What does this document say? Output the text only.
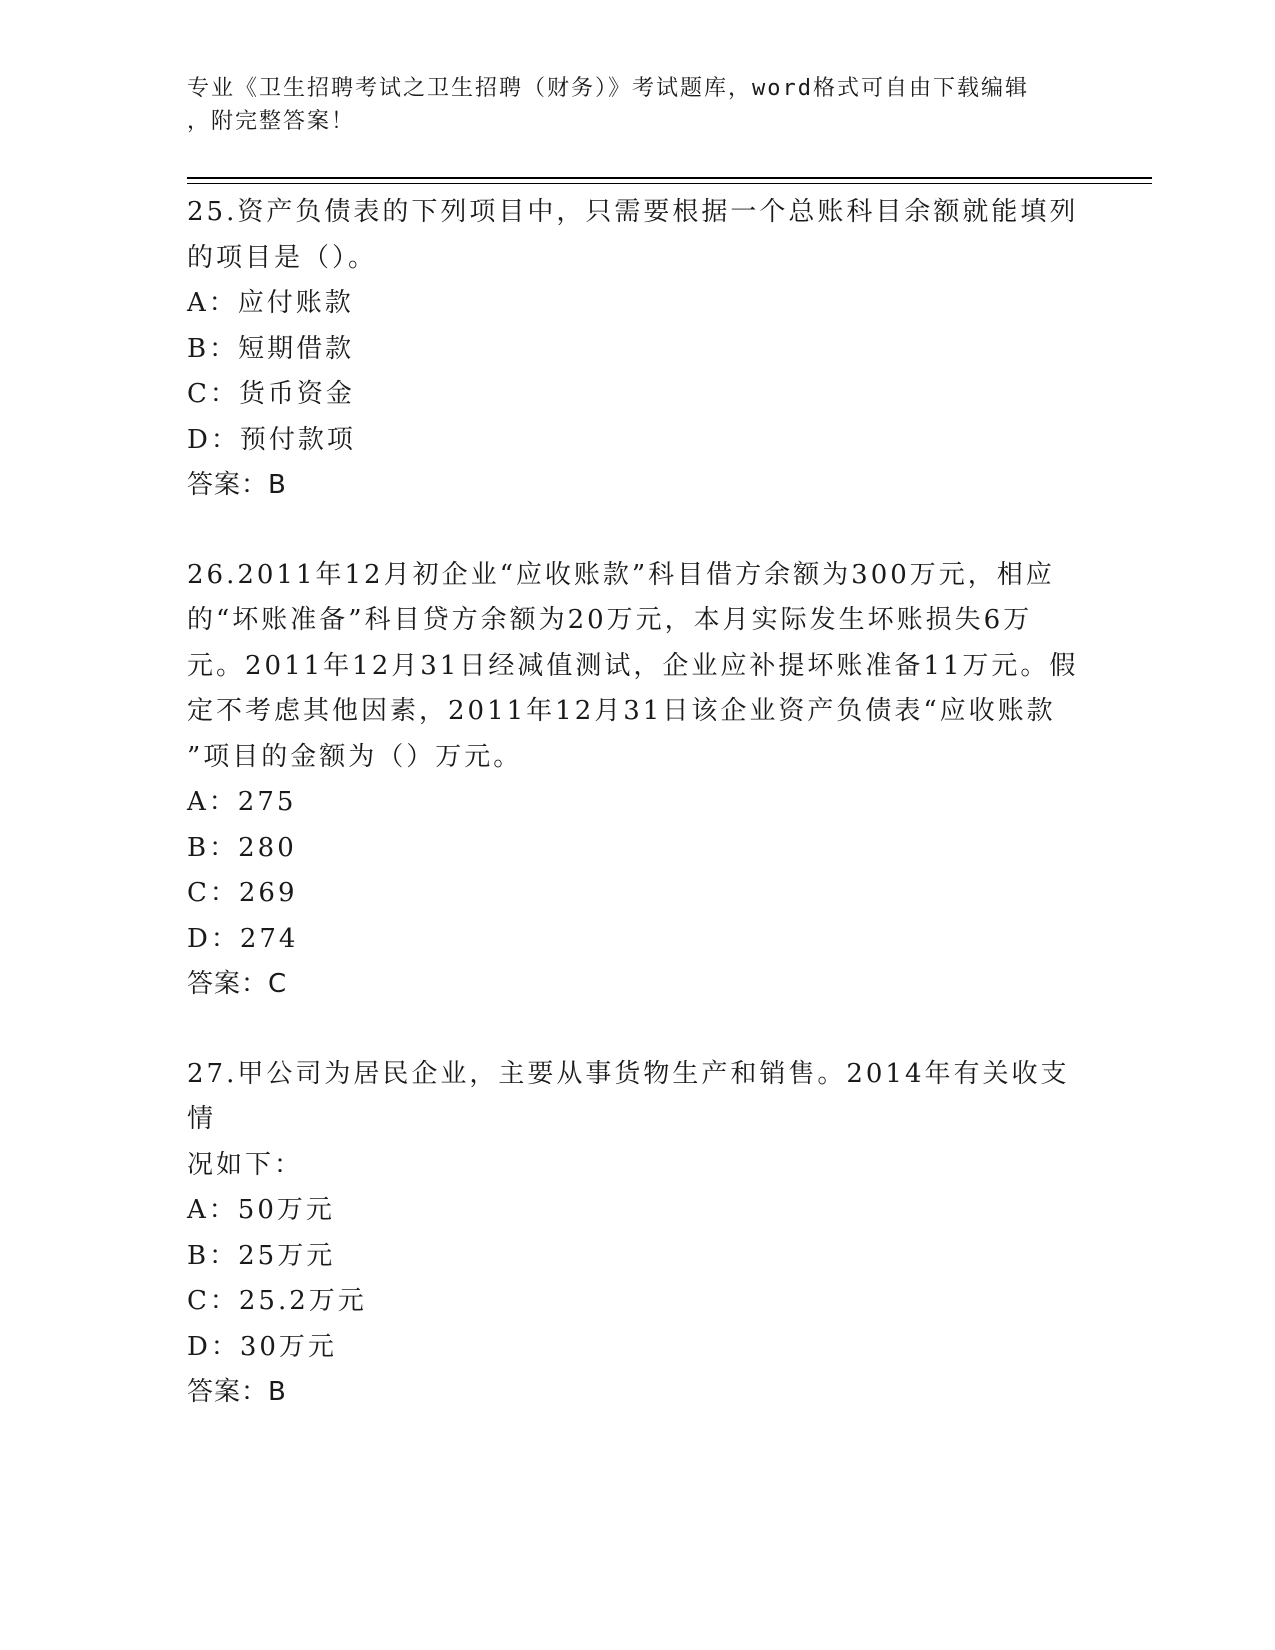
专业《卫生招聘考试之卫生招聘（财务）》考试题库，word格式可自由下载编辑
，附完整答案！

25.资产负债表的下列项目中，只需要根据一个总账科目余额就能填列

的项目是（）。

A：应付账款

B：短期借款

C：货币资金

D：预付款项

答案：B

26.2011年12月初企业“应收账款”科目借方余额为300万元，相应

的“坏账准备”科目贷方余额为20万元，本月实际发生坏账损失6万

元。2011年12月31日经减值测试，企业应补提坏账准备11万元。假

定不考虑其他因素，2011年12月31日该企业资产负债表“应收账款

”项目的金额为（）万元。

A：275

B：280

C：269

D：274

答案：C

27.甲公司为居民企业，主要从事货物生产和销售。2014年有关收支情

况如下：

A：50万元

B：25万元

C：25.2万元

D：30万元

答案：B
